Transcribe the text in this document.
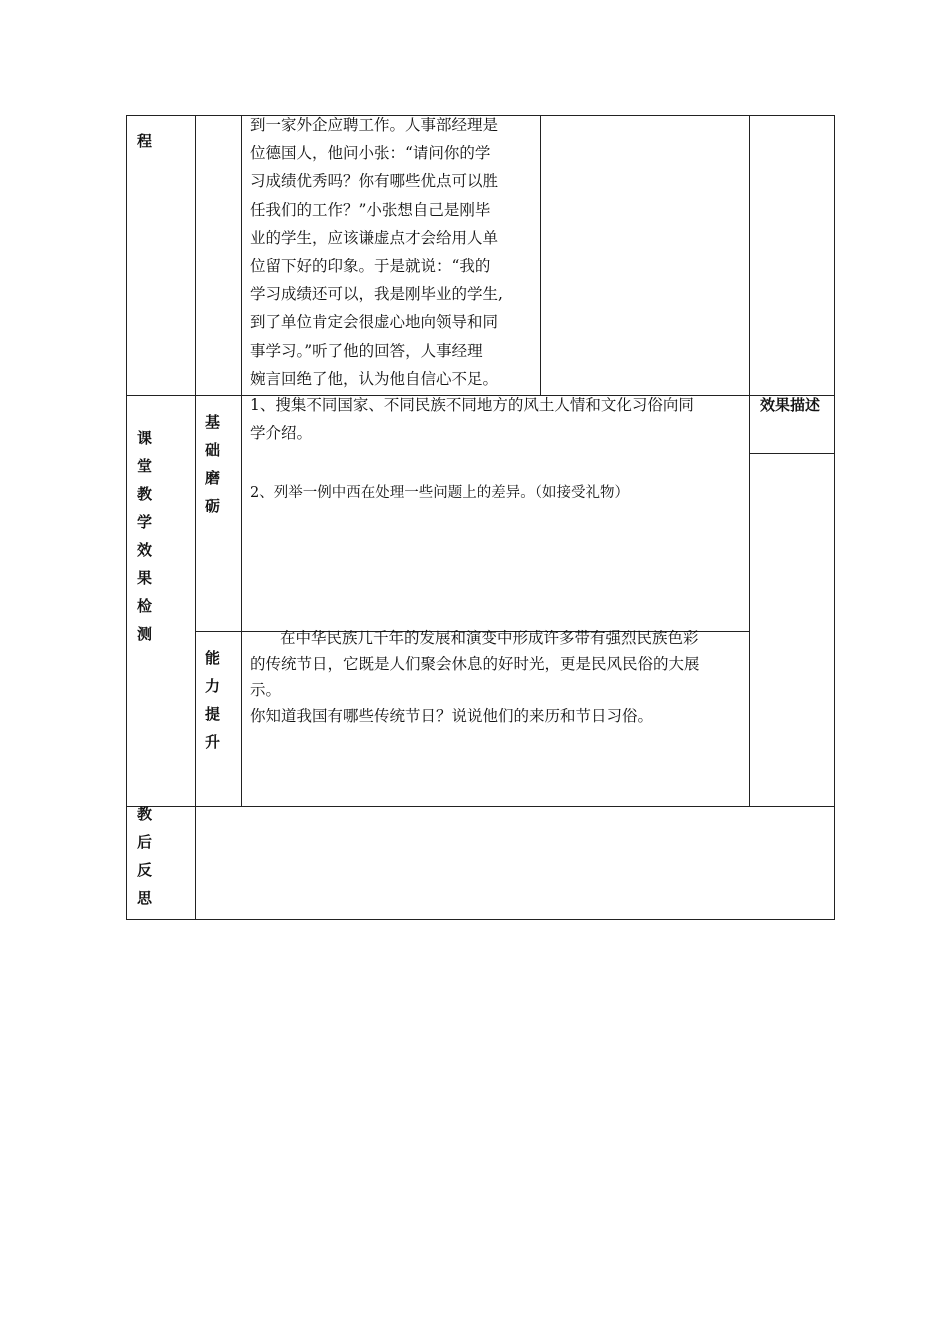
程
课堂教学效果检测
教后反思
基础磨砺
能力提升
效果描述

到一家外企应聘工作。人事部经理是

位德国人，他问小张：“请问你的学

习成绩优秀吗？你有哪些优点可以胜

任我们的工作？”小张想自己是刚毕

业的学生，应该谦虚点才会给用人单

位留下好的印象。于是就说：“我的

学习成绩还可以，我是刚毕业的学生,

到了单位肯定会很虚心地向领导和同

事学习。”听了他的回答，人事经理

婉言回绝了他，认为他自信心不足。

1、搜集不同国家、不同民族不同地方的风土人情和文化习俗向同
学介绍。
2、列举一例中西在处理一些问题上的差异。（如接受礼物）
在中华民族几千年的发展和演变中形成许多带有强烈民族色彩
的传统节日，它既是人们聚会休息的好时光，更是民风民俗的大展
示。
你知道我国有哪些传统节日？说说他们的来历和节日习俗。
